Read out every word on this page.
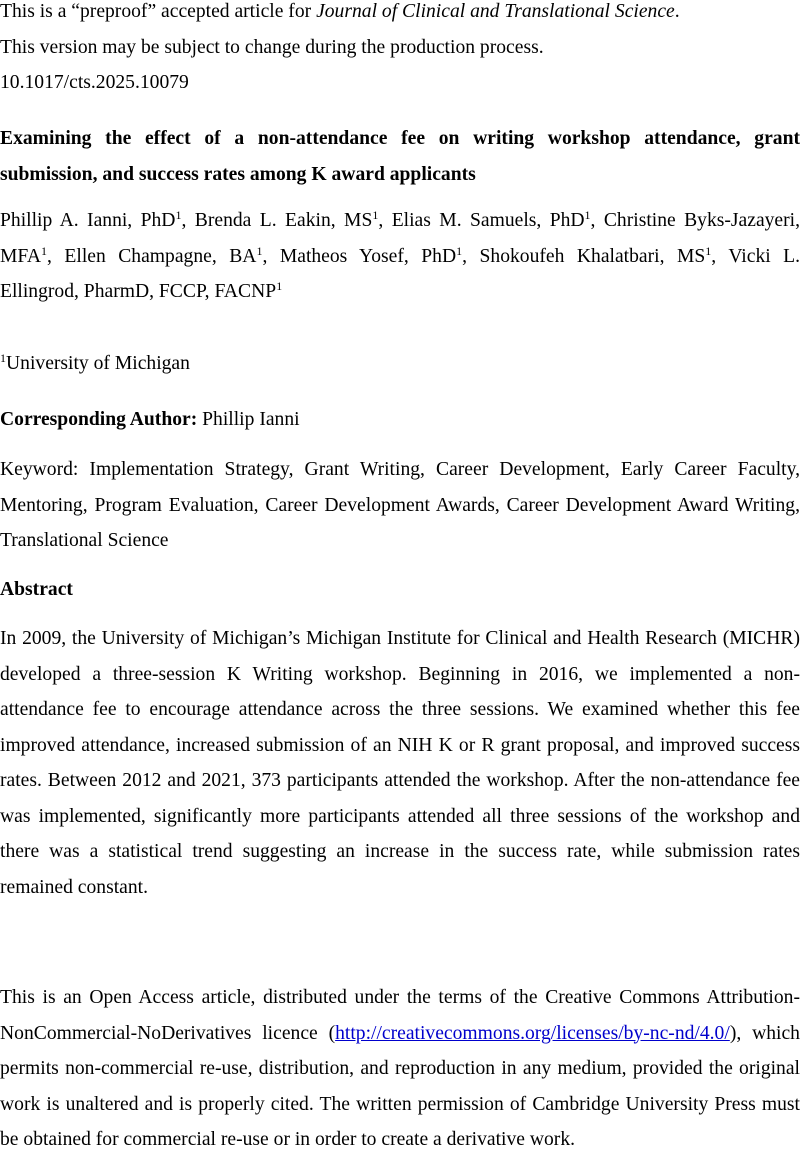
This is a “preproof” accepted article for Journal of Clinical and Translational Science.

This version may be subject to change during the production process.

10.1017/cts.2025.10079

Examining the effect of a non-attendance fee on writing workshop attendance, grant submission, and success rates among K award applicants

Phillip A. Ianni, PhD$^1$, Brenda L. Eakin, $MS^1$, Elias M. Samuels, PhD$^1$, Christine Byks-Jazayeri, MFA$^1$, Ellen Champagne, $BA^1$, Matheos Yosef, PhD$^1$, Shokoufeh Khalatbari, $MS^1$, Vicki L. Ellingrod, PharmD, FCCP, FACNP$^1$

$^1$University of Michigan

Corresponding Author: Phillip Ianni

Keyword: Implementation Strategy, Grant Writing, Career Development, Early Career Faculty, Mentoring, Program Evaluation, Career Development Awards, Career Development Award Writing, Translational Science

Abstract

In 2009, the University of Michigan’s Michigan Institute for Clinical and Health Research (MICHR) developed a three-session K Writing workshop. Beginning in 2016, we implemented a non-attendance fee to encourage attendance across the three sessions. We examined whether this fee improved attendance, increased submission of an NIH K or R grant proposal, and improved success rates. Between 2012 and 2021, 373 participants attended the workshop. After the non-attendance fee was implemented, significantly more participants attended all three sessions of the workshop and there was a statistical trend suggesting an increase in the success rate, while submission rates remained constant.

This is an Open Access article, distributed under the terms of the Creative Commons Attribution-NonCommercial-NoDerivatives licence (http://creativecommons.org/licenses/by-nc-nd/4.0/), which permits non-commercial re-use, distribution, and reproduction in any medium, provided the original work is unaltered and is properly cited. The written permission of Cambridge University Press must be obtained for commercial re-use or in order to create a derivative work.
